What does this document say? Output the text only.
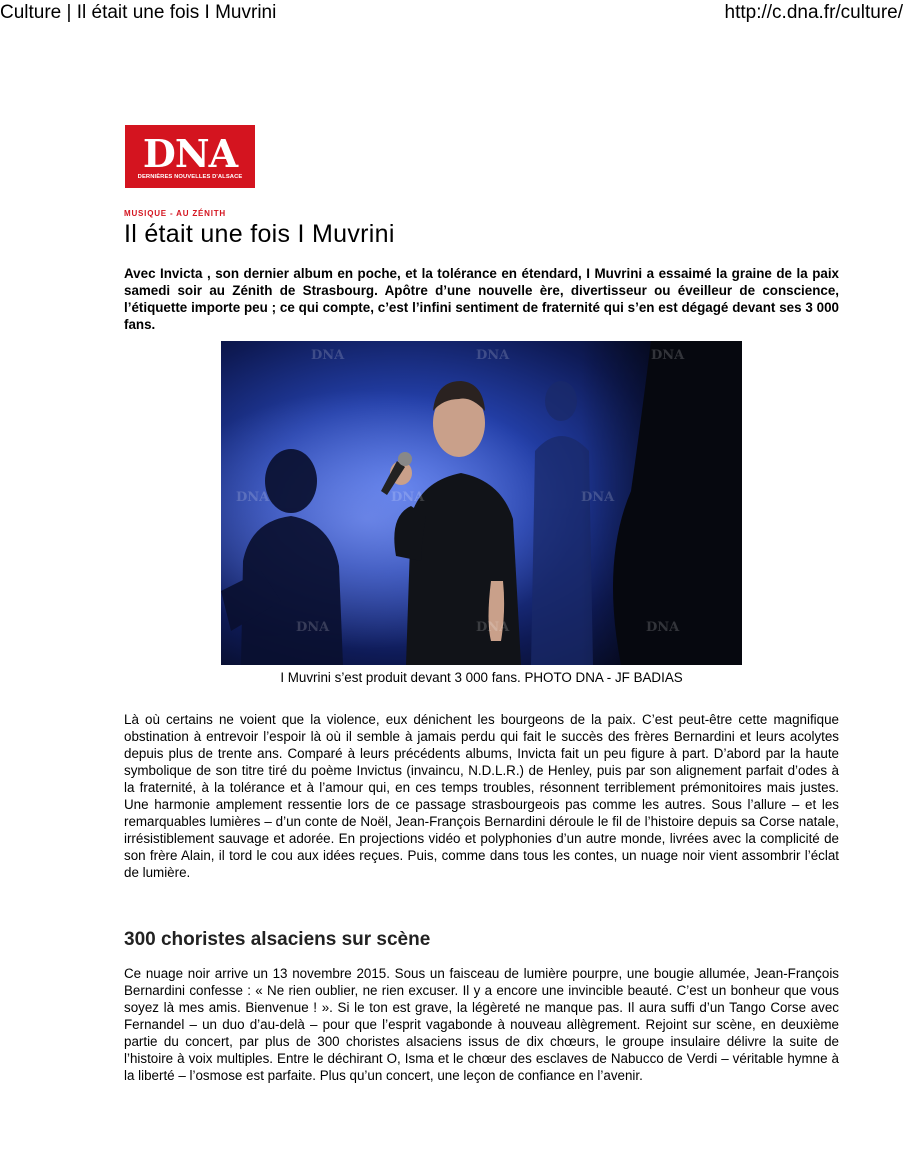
Culture | Il était une fois I Muvrini	http://c.dna.fr/culture/
DNA
DERNIÈRES NOUVELLES D'ALSACE
MUSIQUE - AU ZÉNITH
Il était une fois I Muvrini
Avec Invicta , son dernier album en poche, et la tolérance en étendard, I Muvrini a essaimé la graine de la paix samedi soir au Zénith de Strasbourg. Apôtre d’une nouvelle ère, divertisseur ou éveilleur de conscience, l’étiquette importe peu ; ce qui compte, c’est l’infini sentiment de fraternité qui s’en est dégagé devant ses 3 000 fans.
DNA	DNA	DNA
DNA	DNA	DNA
DNA	DNA	DNA
I Muvrini s’est produit devant 3 000 fans. PHOTO DNA - JF BADIAS
Là où certains ne voient que la violence, eux dénichent les bourgeons de la paix. C’est peut-être cette magnifique obstination à entrevoir l’espoir là où il semble à jamais perdu qui fait le succès des frères Bernardini et leurs acolytes depuis plus de trente ans. Comparé à leurs précédents albums, Invicta fait un peu figure à part. D’abord par la haute symbolique de son titre tiré du poème Invictus (invaincu, N.D.L.R.) de Henley, puis par son alignement parfait d’odes à la fraternité, à la tolérance et à l’amour qui, en ces temps troubles, résonnent terriblement prémonitoires mais justes. Une harmonie amplement ressentie lors de ce passage strasbourgeois pas comme les autres. Sous l’allure – et les remarquables lumières – d’un conte de Noël, Jean-François Bernardini déroule le fil de l’histoire depuis sa Corse natale, irrésistiblement sauvage et adorée. En projections vidéo et polyphonies d’un autre monde, livrées avec la complicité de son frère Alain, il tord le cou aux idées reçues. Puis, comme dans tous les contes, un nuage noir vient assombrir l’éclat de lumière.
300 choristes alsaciens sur scène
Ce nuage noir arrive un 13 novembre 2015. Sous un faisceau de lumière pourpre, une bougie allumée, Jean-François Bernardini confesse : « Ne rien oublier, ne rien excuser. Il y a encore une invincible beauté. C’est un bonheur que vous soyez là mes amis. Bienvenue ! ». Si le ton est grave, la légèreté ne manque pas. Il aura suffi d’un Tango Corse avec Fernandel – un duo d’au-delà – pour que l’esprit vagabonde à nouveau allègrement. Rejoint sur scène, en deuxième partie du concert, par plus de 300 choristes alsaciens issus de dix chœurs, le groupe insulaire délivre la suite de l’histoire à voix multiples. Entre le déchirant O, Isma et le chœur des esclaves de Nabucco de Verdi – véritable hymne à la liberté – l’osmose est parfaite. Plus qu’un concert, une leçon de confiance en l’avenir.
